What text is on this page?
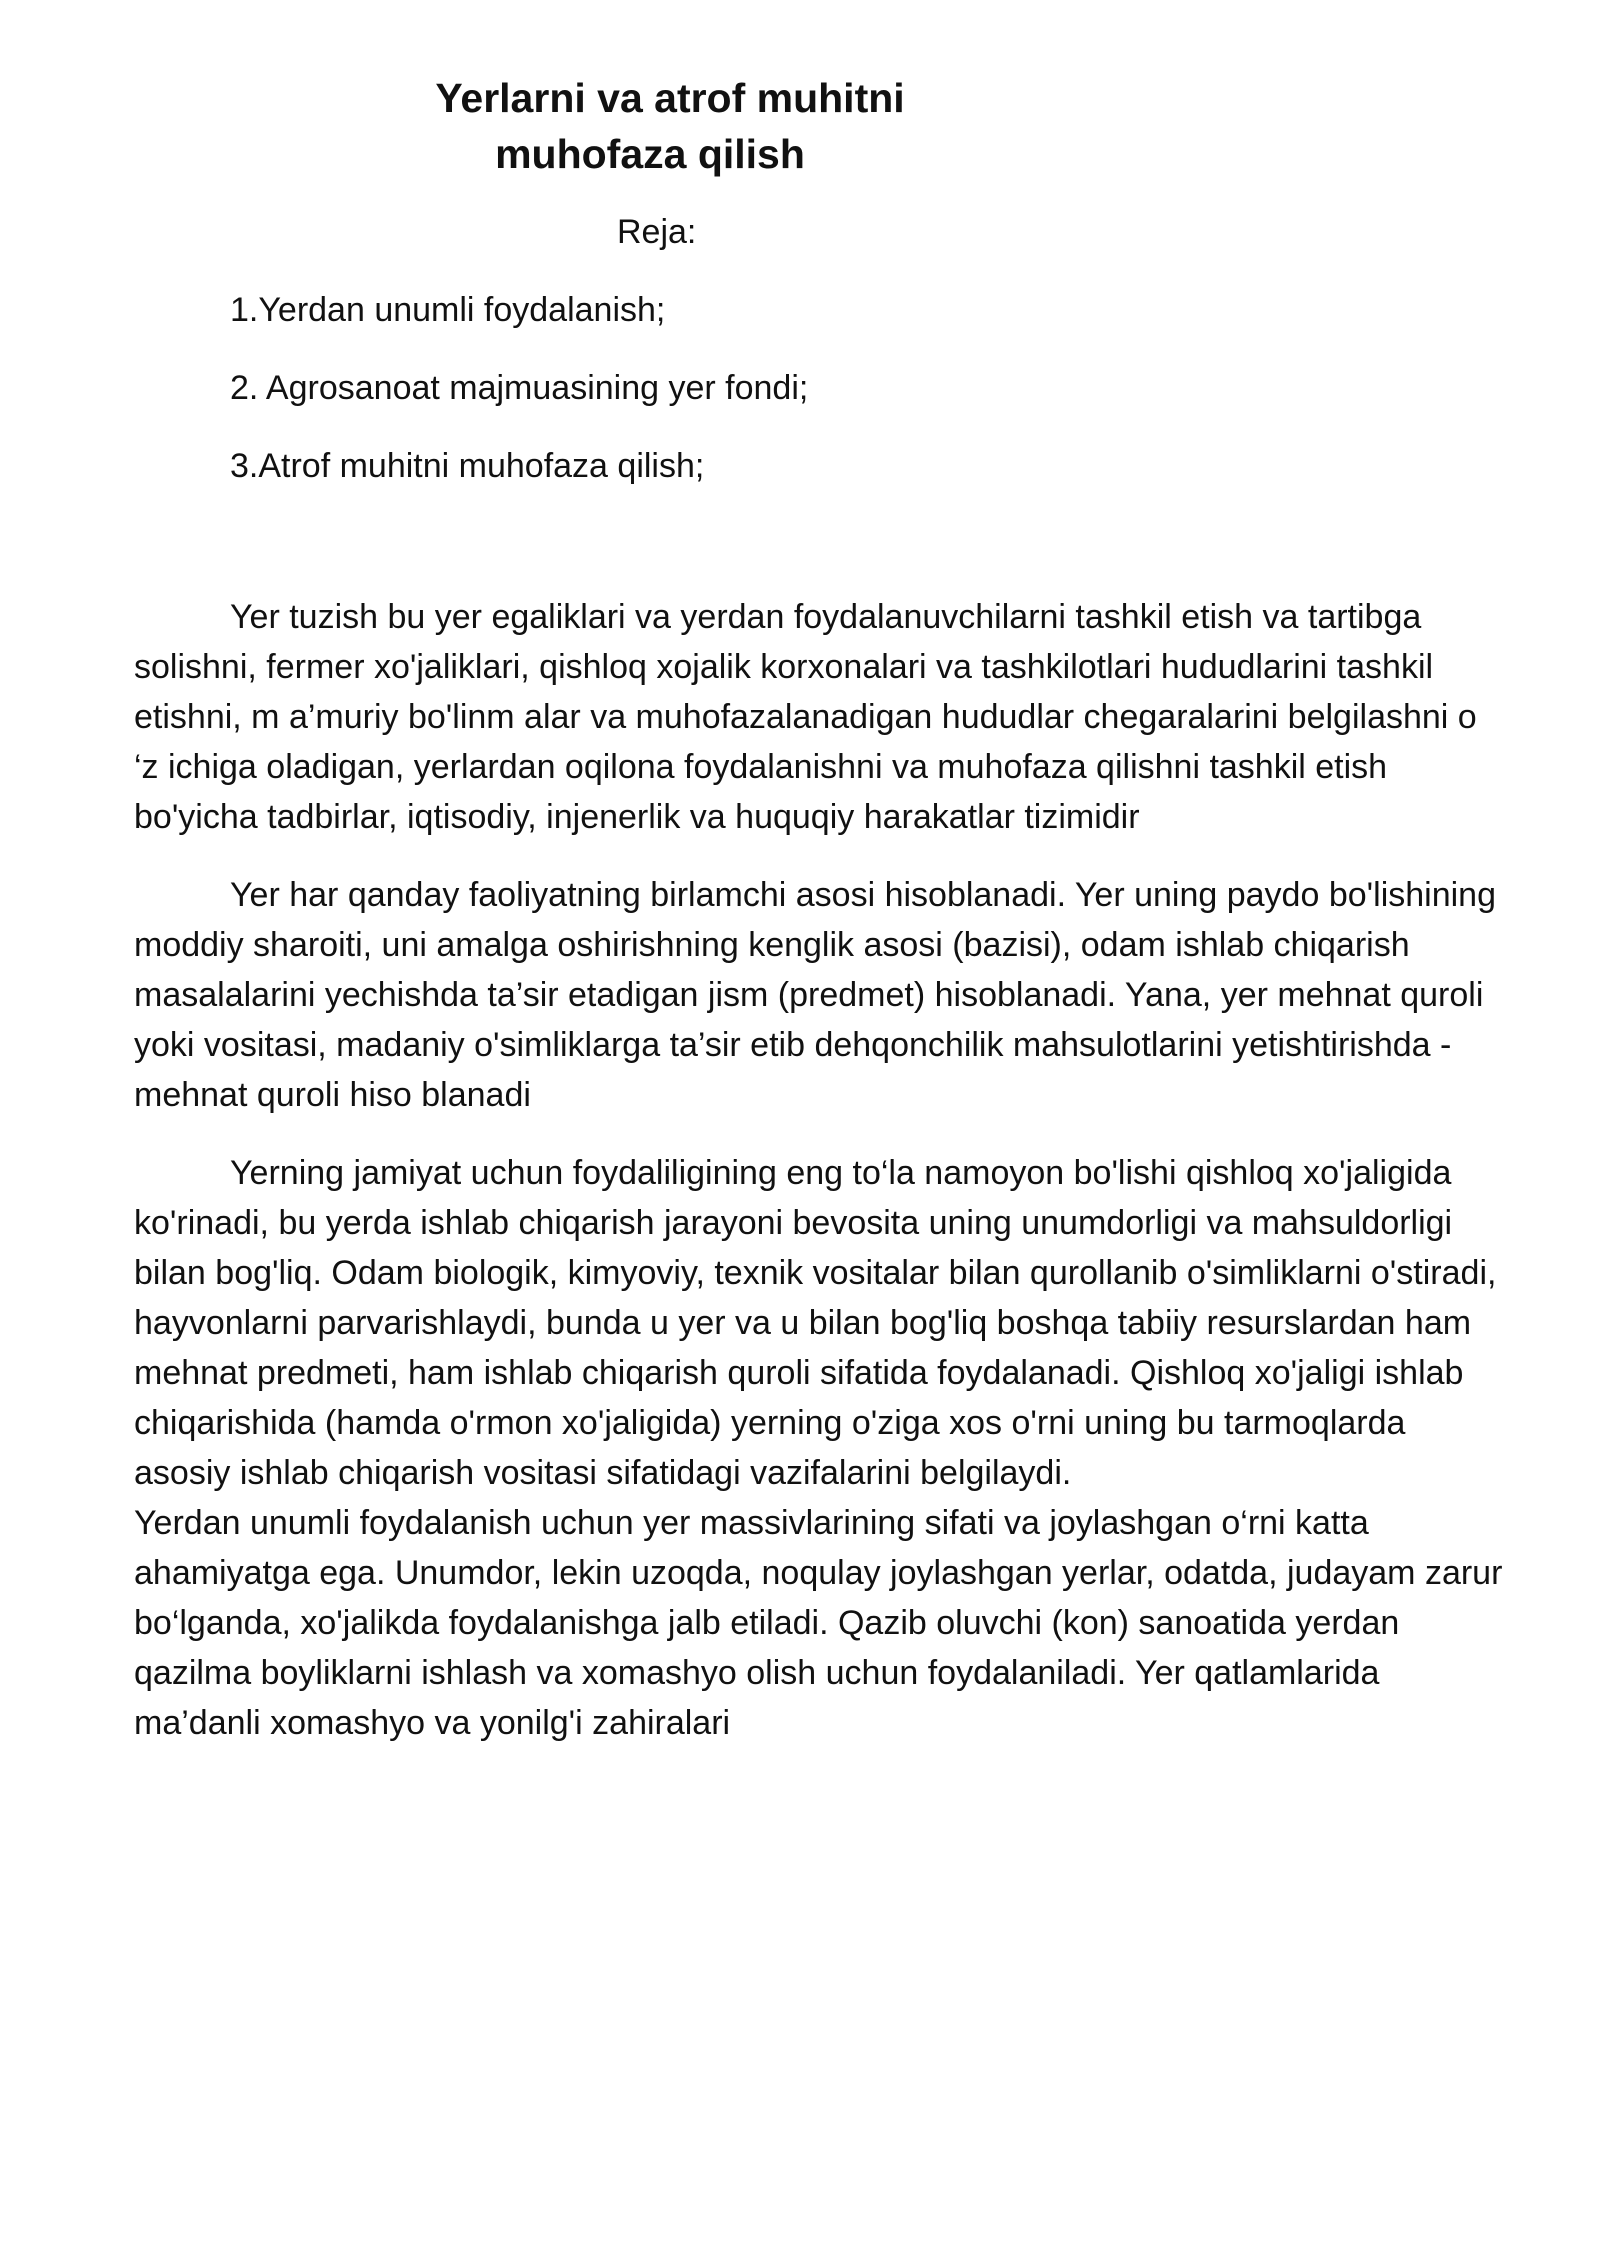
Yerlarni va atrof muhitni
muhofaza qilish

Reja:

1.Yerdan unumli foydalanish;
2. Agrosanoat majmuasining yer fondi;
3.Atrof muhitni muhofaza qilish;

Yer tuzish bu yer egaliklari va yerdan foydalanuvchilarni tashkil etish va tartibga solishni, fermer xo'jaliklari, qishloq xojalik korxonalari va tashkilotlari hududlarini tashkil etishni, m a’muriy bo'linm alar va muhofazalanadigan hududlar chegaralarini belgilashni o ‘z ichiga oladigan, yerlardan oqilona foydalanishni va muhofaza qilishni tashkil etish bo'yicha tadbirlar, iqtisodiy, injenerlik va huquqiy harakatlar tizimidir

Yer har qanday faoliyatning birlamchi asosi hisoblanadi. Yer uning paydo bo'lishining moddiy sharoiti, uni amalga oshirishning kenglik asosi (bazisi), odam ishlab chiqarish masalalarini yechishda ta’sir etadigan jism (predmet) hisoblanadi. Yana, yer mehnat quroli yoki vositasi, madaniy o'simliklarga ta’sir etib dehqonchilik mahsulotlarini yetishtirishda - mehnat quroli hiso blanadi

Yerning jamiyat uchun foydaliligining eng to‘la namoyon bo'lishi qishloq xo'jaligida ko'rinadi, bu yerda ishlab chiqarish jarayoni bevosita uning unumdorligi va mahsuldorligi bilan bog'liq. Odam biologik, kimyoviy, texnik vositalar bilan qurollanib o'simliklarni o'stiradi, hayvonlarni parvarishlaydi, bunda u yer va u bilan bog'liq boshqa tabiiy resurslardan ham mehnat predmeti, ham ishlab chiqarish quroli sifatida foydalanadi. Qishloq xo'jaligi ishlab chiqarishida (hamda o'rmon xo'jaligida) yerning o'ziga xos o'rni uning bu tarmoqlarda asosiy ishlab chiqarish vositasi sifatidagi vazifalarini belgilaydi.

Yerdan unumli foydalanish uchun yer massivlarining sifati va joylashgan o‘rni katta ahamiyatga ega. Unumdor, lekin uzoqda, noqulay joylashgan yerlar, odatda, judayam zarur bo‘lganda, xo'jalikda foydalanishga jalb etiladi. Qazib oluvchi (kon) sanoatida yerdan qazilma boyliklarni ishlash va xomashyo olish uchun foydalaniladi. Yer qatlamlarida ma’danli xomashyo va yonilg'i zahiralari
